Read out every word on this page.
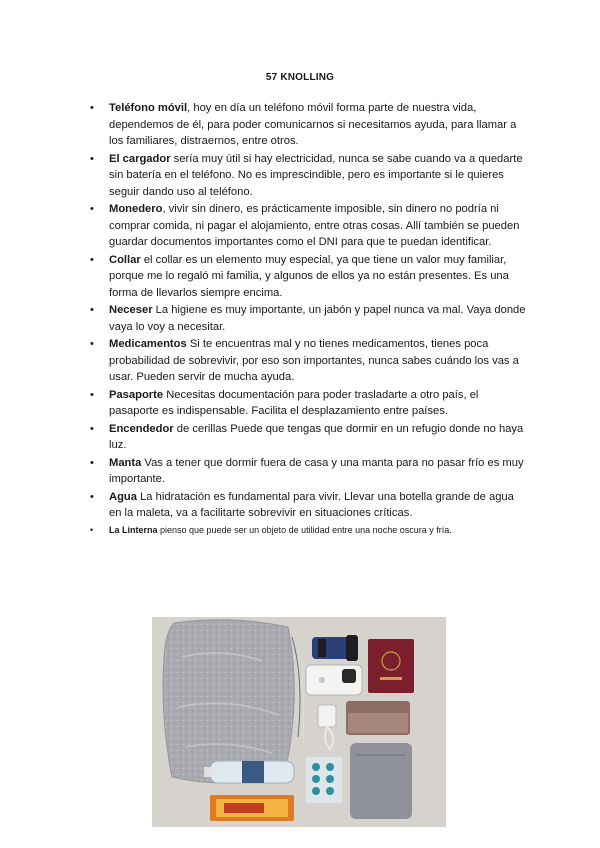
57 KNOLLING
• Teléfono móvil, hoy en día un teléfono móvil forma parte de nuestra vida, dependemos de él, para poder comunicarnos si necesitamos ayuda, para llamar a los familiares, distraernos, entre otros.
• El cargador sería muy útil si hay electricidad, nunca se sabe cuando va a quedarte sin batería en el teléfono. No es imprescindible, pero es importante si le quieres seguir dando uso al teléfono.
• Monedero, vivir sin dinero, es prácticamente imposible, sin dinero no podría ni comprar comida, ni pagar el alojamiento, entre otras cosas. Allí también se pueden guardar documentos importantes como el DNI para que te puedan identificar.
• Collar el collar es un elemento muy especial, ya que tiene un valor muy familiar, porque me lo regaló mi familia, y algunos de ellos ya no están presentes. Es una forma de llevarlos siempre encima.
• Neceser La higiene es muy importante, un jabón y papel nunca va mal. Vaya donde vaya lo voy a necesitar.
• Medicamentos Si te encuentras mal y no tienes medicamentos, tienes poca probabilidad de sobrevivir, por eso son importantes, nunca sabes cuándo los vas a usar. Pueden servir de mucha ayuda.
• Pasaporte Necesitas documentación para poder trasladarte a otro país, el pasaporte es indispensable. Facilita el desplazamiento entre países.
• Encendedor de cerillas Puede que tengas que dormir en un refugio donde no haya luz.
• Manta Vas a tener que dormir fuera de casa y una manta para no pasar frío es muy importante.
• Agua La hidratación es fundamental para vivir. Llevar una botella grande de agua en la maleta, va a facilitarte sobrevivir en situaciones críticas.
• La Linterna pienso que puede ser un objeto de utilidad entre una noche oscura y fría.
